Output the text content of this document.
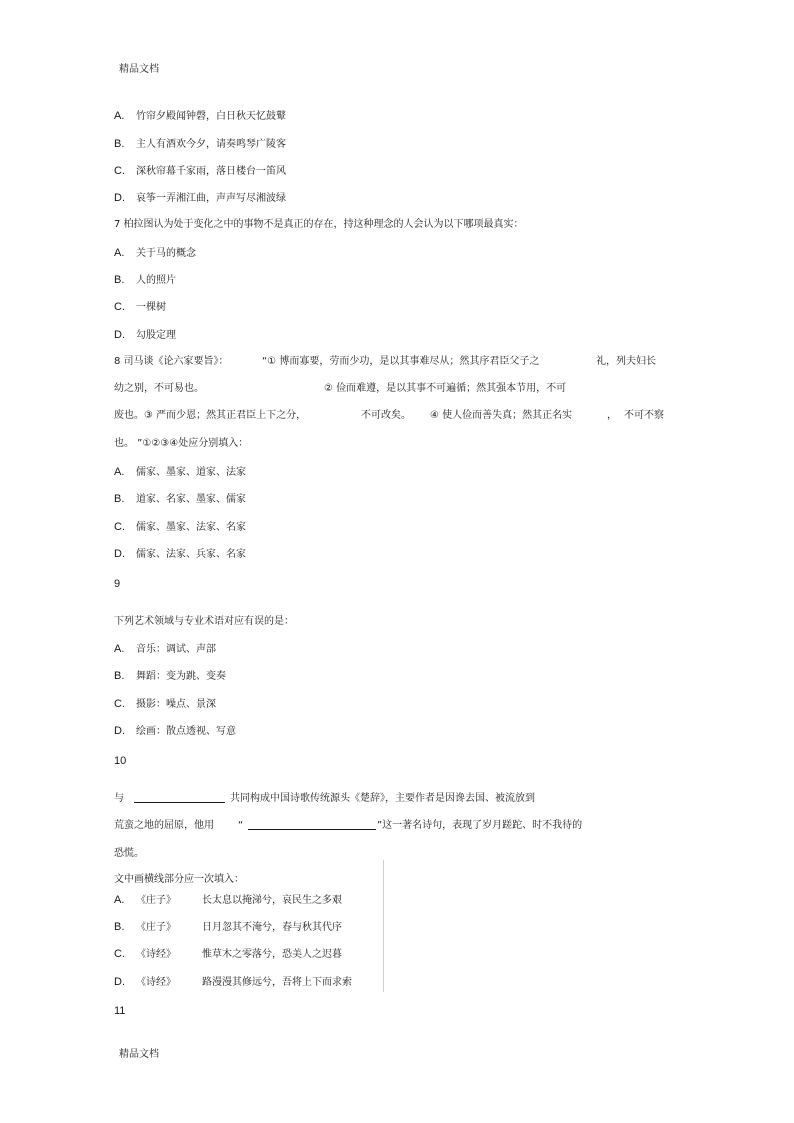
精品文档
A. 竹帘夕殿闻钟磬，白日秋天忆鼓鼙
B. 主人有酒欢今夕，请奏鸣琴广陵客
C. 深秋帘幕千家雨，落日楼台一笛风
D. 哀筝一弄湘江曲，声声写尽湘波绿
7 柏拉图认为处于变化之中的事物不是真正的存在，持这种理念的人会认为以下哪项最真实：
A. 关于马的概念
B. 人的照片
C. 一棵树
D. 勾股定理
8 司马谈《论六家要旨》：	“① 博而寡要，劳而少功，是以其事难尽从；然其序君臣父子之	礼，列夫妇长
幼之别，不可易也。	② 俭而难遵，是以其事不可遍循；然其强本节用，不可
废也。③ 严而少恩；然其正君臣上下之分，	不可改矣。 ④ 使人俭而善失真；然其正名实	， 不可不察
也。 ”①②③④处应分别填入：
A. 儒家、墨家、道家、法家
B. 道家、名家、墨家、儒家
C. 儒家、墨家、法家、名家
D. 儒家、法家、兵家、名家
9
下列艺术领域与专业术语对应有误的是：
A. 音乐：调试、声部
B. 舞蹈：变为跳、变奏
C. 摄影：噪点、景深
D. 绘画：散点透视、写意
10
与	共同构成中国诗歌传统源头《楚辞》，主要作者是因谗去国、被流放到
荒蛮之地的屈原，他用 “	”这一著名诗句，表现了岁月蹉跎、时不我待的
恐慌。
文中画横线部分应一次填入：
A. 《庄子》	长太息以掩涕兮，哀民生之多艰
B. 《庄子》	日月忽其不淹兮，春与秋其代序
C. 《诗经》	惟草木之零落兮，恐美人之迟暮
D. 《诗经》	路漫漫其修远兮，吾将上下而求索
11
精品文档
